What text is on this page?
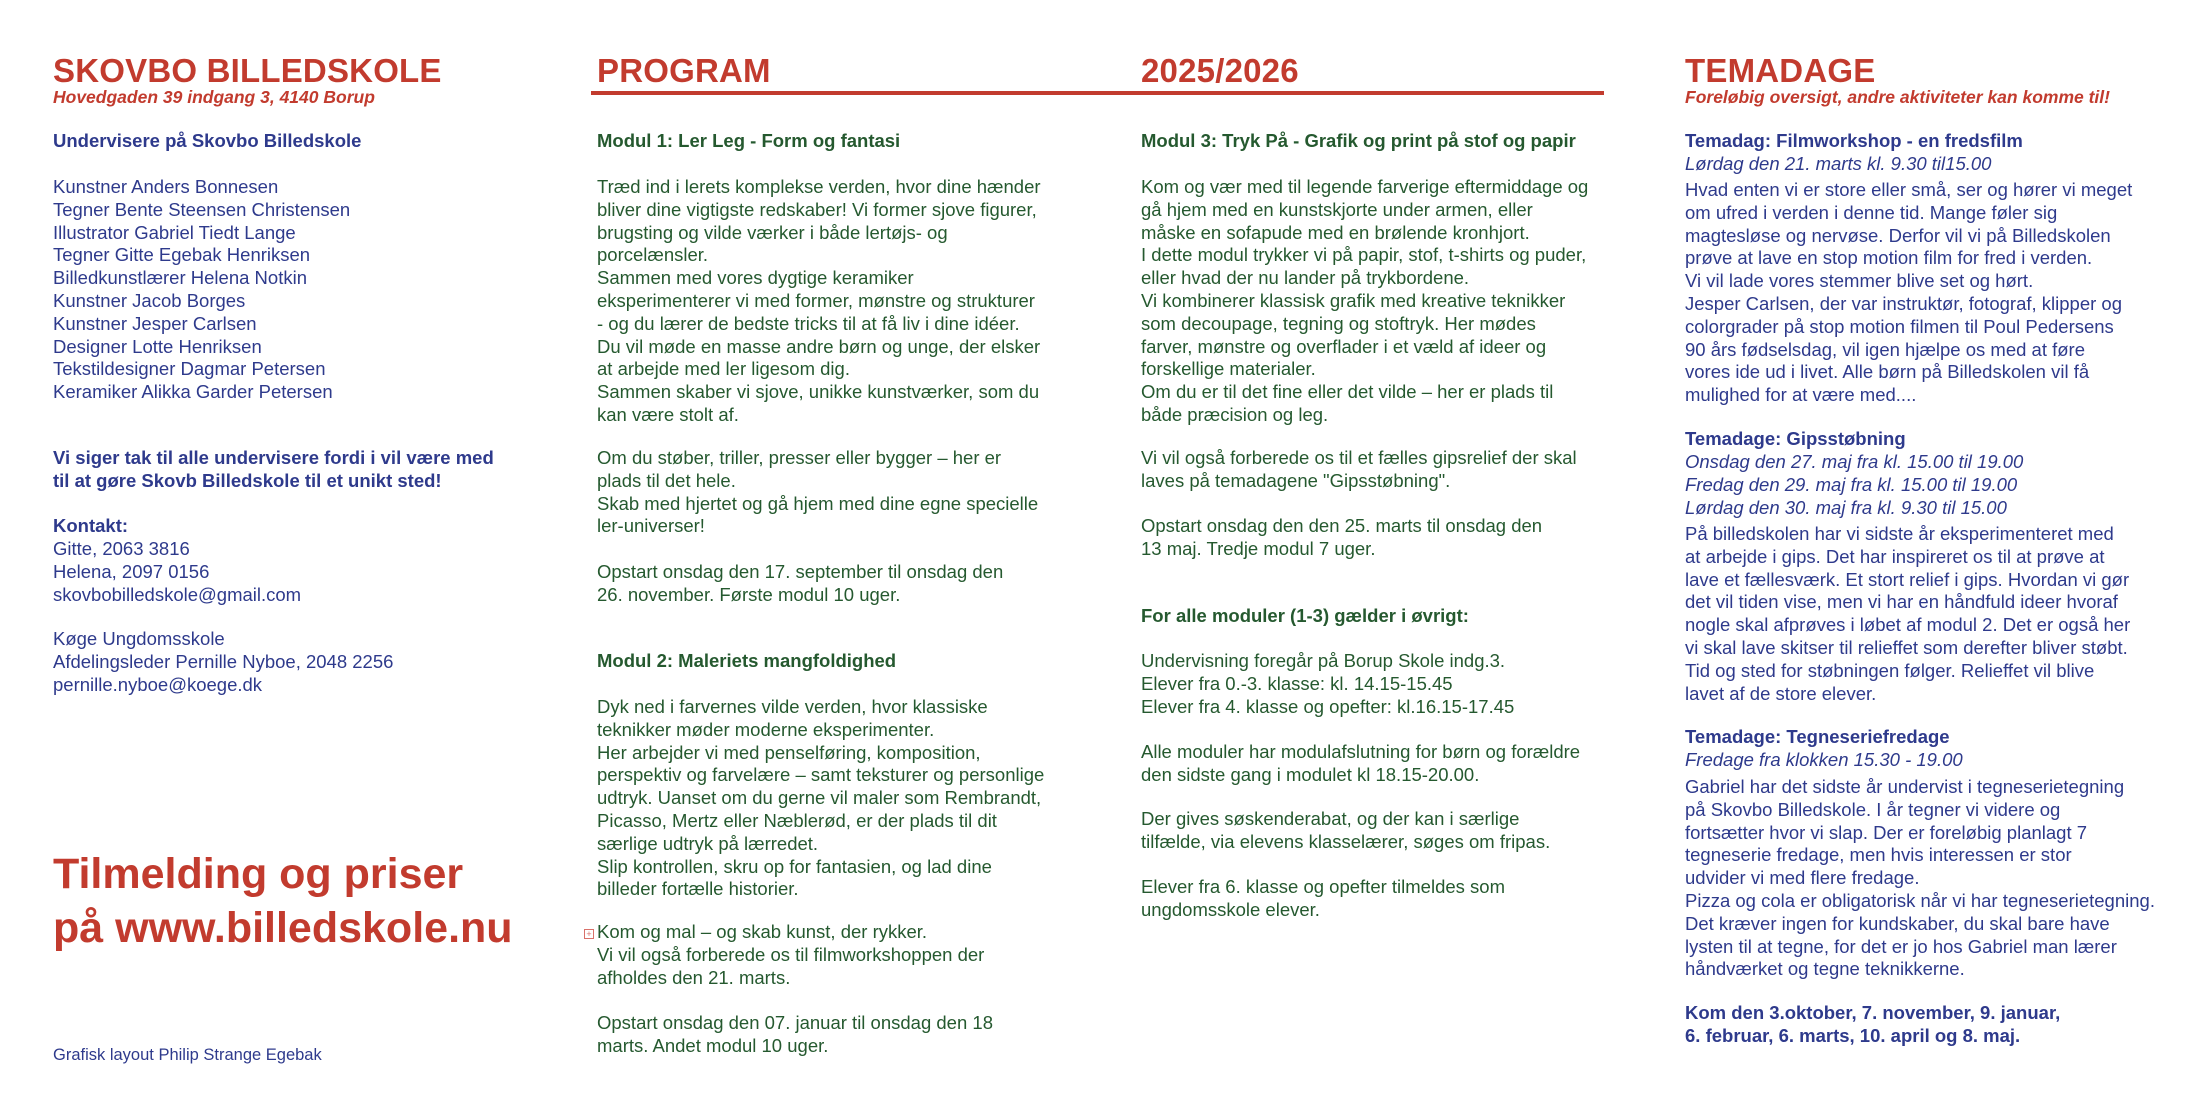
SKOVBO BILLEDSKOLE
Hovedgaden 39 indgang 3, 4140 Borup
Undervisere på Skovbo Billedskole
Kunstner Anders Bonnesen
Tegner Bente Steensen Christensen
Illustrator Gabriel Tiedt Lange
Tegner Gitte Egebak Henriksen
Billedkunstlærer Helena Notkin
Kunstner Jacob Borges
Kunstner Jesper Carlsen
Designer Lotte Henriksen
Tekstildesigner Dagmar Petersen
Keramiker Alikka Garder Petersen
Vi siger tak til alle undervisere fordi i vil være med
til at gøre Skovb Billedskole til et unikt sted!
Kontakt:
Gitte, 2063 3816
Helena, 2097 0156
skovbobilledskole@gmail.com
Køge Ungdomsskole
Afdelingsleder Pernille Nyboe, 2048 2256
pernille.nyboe@koege.dk
Tilmelding og priser
på www.billedskole.nu
Grafisk layout Philip Strange Egebak
PROGRAM	2025/2026
Modul 1: Ler Leg - Form og fantasi
Træd ind i lerets komplekse verden, hvor dine hænder
bliver dine vigtigste redskaber! Vi former sjove figurer,
brugsting og vilde værker i både lertøjs- og
porcelænsler.
Sammen med vores dygtige keramiker
eksperimenterer vi med former, mønstre og strukturer
- og du lærer de bedste tricks til at få liv i dine idéer.
Du vil møde en masse andre børn og unge, der elsker
at arbejde med ler ligesom dig.
Sammen skaber vi sjove, unikke kunstværker, som du
kan være stolt af.
Om du støber, triller, presser eller bygger – her er
plads til det hele.
Skab med hjertet og gå hjem med dine egne specielle
ler-universer!
Opstart onsdag den 17. september til onsdag den
26. november. Første modul 10 uger.
Modul 2: Maleriets mangfoldighed
Dyk ned i farvernes vilde verden, hvor klassiske
teknikker møder moderne eksperimenter.
Her arbejder vi med penselføring, komposition,
perspektiv og farvelære – samt teksturer og personlige
udtryk. Uanset om du gerne vil maler som Rembrandt,
Picasso, Mertz eller Næblerød, er der plads til dit
særlige udtryk på lærredet.
Slip kontrollen, skru op for fantasien, og lad dine
billeder fortælle historier.
Kom og mal – og skab kunst, der rykker.
Vi vil også forberede os til filmworkshoppen der
afholdes den 21. marts.
Opstart onsdag den 07. januar til onsdag den 18
marts. Andet modul 10 uger.
+
Modul 3: Tryk På - Grafik og print på stof og papir
Kom og vær med til legende farverige eftermiddage og
gå hjem med en kunstskjorte under armen, eller
måske en sofapude med en brølende kronhjort.
I dette modul trykker vi på papir, stof, t-shirts og puder,
eller hvad der nu lander på trykbordene.
Vi kombinerer klassisk grafik med kreative teknikker
som decoupage, tegning og stoftryk. Her mødes
farver, mønstre og overflader i et væld af ideer og
forskellige materialer.
Om du er til det fine eller det vilde – her er plads til
både præcision og leg.
Vi vil også forberede os til et fælles gipsrelief der skal
laves på temadagene "Gipsstøbning".
Opstart onsdag den den 25. marts til onsdag den
13 maj. Tredje modul 7 uger.
For alle moduler (1-3) gælder i øvrigt:
Undervisning foregår på Borup Skole indg.3.
Elever fra 0.-3. klasse: kl. 14.15-15.45
Elever fra 4. klasse og opefter: kl.16.15-17.45
Alle moduler har modulafslutning for børn og forældre
den sidste gang i modulet kl 18.15-20.00.
Der gives søskenderabat, og der kan i særlige
tilfælde, via elevens klasselærer, søges om fripas.
Elever fra 6. klasse og opefter tilmeldes som
ungdomsskole elever.
TEMADAGE
Foreløbig oversigt, andre aktiviteter kan komme til!
Temadag: Filmworkshop - en fredsfilm
Lørdag den 21. marts kl. 9.30 til15.00
Hvad enten vi er store eller små, ser og hører vi meget
om ufred i verden i denne tid. Mange føler sig
magtesløse og nervøse. Derfor vil vi på Billedskolen
prøve at lave en stop motion film for fred i verden.
Vi vil lade vores stemmer blive set og hørt.
Jesper Carlsen, der var instruktør, fotograf, klipper og
colorgrader på stop motion filmen til Poul Pedersens
90 års fødselsdag, vil igen hjælpe os med at føre
vores ide ud i livet. Alle børn på Billedskolen vil få
mulighed for at være med....
Temadage: Gipsstøbning
Onsdag den 27. maj fra kl. 15.00 til 19.00
Fredag den 29. maj fra kl. 15.00 til 19.00
Lørdag den 30. maj fra kl. 9.30 til 15.00
På billedskolen har vi sidste år eksperimenteret med
at arbejde i gips. Det har inspireret os til at prøve at
lave et fællesværk. Et stort relief i gips. Hvordan vi gør
det vil tiden vise, men vi har en håndfuld ideer hvoraf
nogle skal afprøves i løbet af modul 2. Det er også her
vi skal lave skitser til relieffet som derefter bliver støbt.
Tid og sted for støbningen følger. Relieffet vil blive
lavet af de store elever.
Temadage: Tegneseriefredage
Fredage fra klokken 15.30 - 19.00
Gabriel har det sidste år undervist i tegneserietegning
på Skovbo Billedskole. I år tegner vi videre og
fortsætter hvor vi slap. Der er foreløbig planlagt 7
tegneserie fredage, men hvis interessen er stor
udvider vi med flere fredage.
Pizza og cola er obligatorisk når vi har tegneserietegning.
Det kræver ingen for kundskaber, du skal bare have
lysten til at tegne, for det er jo hos Gabriel man lærer
håndværket og tegne teknikkerne.
Kom den 3.oktober, 7. november, 9. januar,
6. februar, 6. marts, 10. april og 8. maj.
